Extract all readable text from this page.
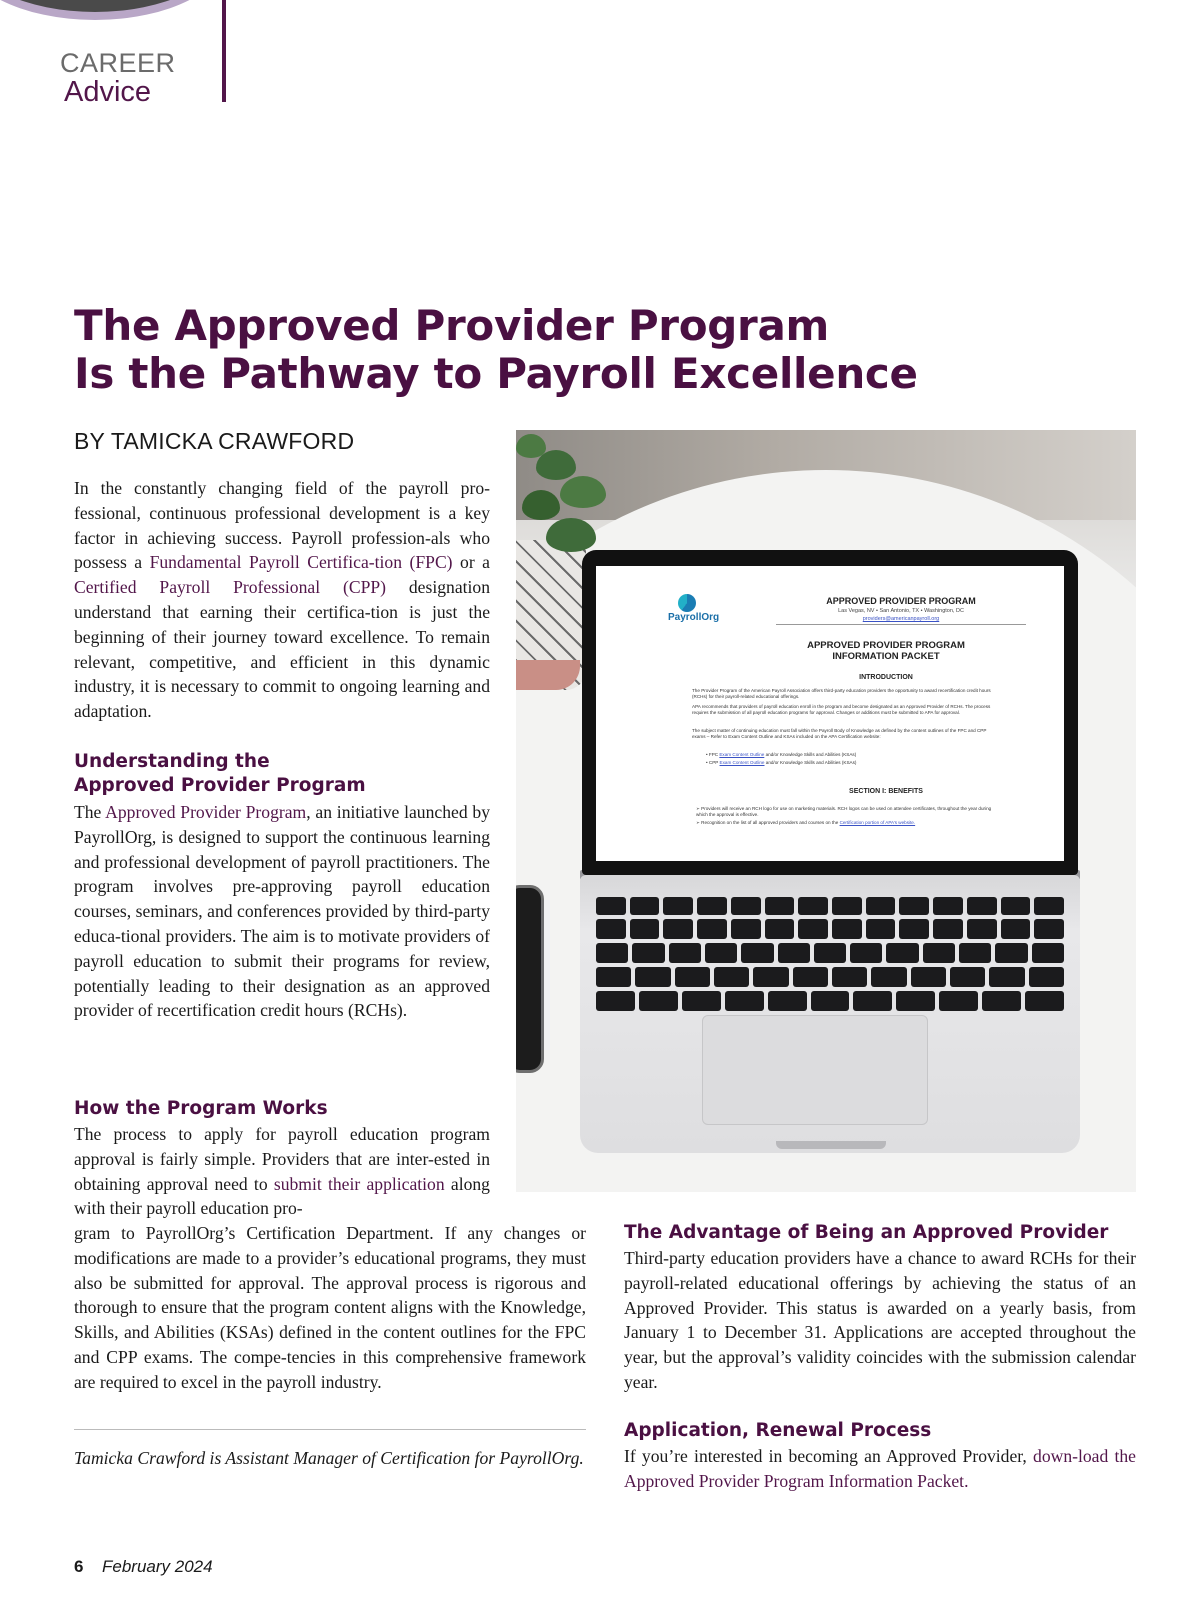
CAREER
Advice
The Approved Provider Program
Is the Pathway to Payroll Excellence
BY TAMICKA CRAWFORD

In the constantly changing field of the payroll pro-fessional, continuous professional development is a key factor in achieving success. Payroll profession-als who possess a Fundamental Payroll Certifica-tion (FPC) or a Certified Payroll Professional (CPP) designation understand that earning their certifica-tion is just the beginning of their journey toward excellence. To remain relevant, competitive, and efficient in this dynamic industry, it is necessary to commit to ongoing learning and adaptation.

Understanding the
Approved Provider Program

The Approved Provider Program, an initiative launched by PayrollOrg, is designed to support the continuous learning and professional development of payroll practitioners. The program involves pre-approving payroll education courses, seminars, and conferences provided by third-party educa-tional providers. The aim is to motivate providers of payroll education to submit their programs for review, potentially leading to their designation as an approved provider of recertification credit hours (RCHs).

How the Program Works

The process to apply for payroll education program approval is fairly simple. Providers that are inter-ested in obtaining approval need to submit their application along with their payroll education pro-

gram to PayrollOrg’s Certification Department. If any changes or modifications are made to a provider’s educational programs, they must also be submitted for approval. The approval process is rigorous and thorough to ensure that the program content aligns with the Knowledge, Skills, and Abilities (KSAs) defined in the content outlines for the FPC and CPP exams. The compe-tencies in this comprehensive framework are required to excel in the payroll industry.

Tamicka Crawford is Assistant Manager of Certification for PayrollOrg.

The Advantage of Being an Approved Provider

Third-party education providers have a chance to award RCHs for their payroll-related educational offerings by achieving the status of an Approved Provider. This status is awarded on a yearly basis, from January 1 to December 31. Applications are accepted throughout the year, but the approval’s validity coincides with the submission calendar year.

Application, Renewal Process

If you’re interested in becoming an Approved Provider, down-load the Approved Provider Program Information Packet.

6 February 2024
PayrollOrg
APPROVED PROVIDER PROGRAM
Las Vegas, NV • San Antonio, TX • Washington, DC
providers@americanpayroll.org
APPROVED PROVIDER PROGRAM
INFORMATION PACKET
INTRODUCTION
The Provider Program of the American Payroll Association offers third-party education providers the opportunity to award recertification credit hours (RCHs) for their payroll-related educational offerings.
APA recommends that providers of payroll education enroll in the program and become designated as an Approved Provider of RCHs. The process requires the submission of all payroll education programs for approval. Changes or additions must be submitted to APA for approval.
The subject matter of continuing education must fall within the Payroll Body of Knowledge as defined by the content outlines of the FPC and CPP exams – Refer to Exam Content Outline and KSAs included on the APA Certification website:
• FPC Exam Content Outline and/or Knowledge Skills and Abilities (KSAs)
• CPP Exam Content Outline and/or Knowledge Skills and Abilities (KSAs)
SECTION I: BENEFITS
➢ Providers will receive an RCH logo for use on marketing materials. RCH logos can be used on attendee certificates, throughout the year during which the approval is effective.
➢ Recognition on the list of all approved providers and courses on the Certification portion of APA’s website.
